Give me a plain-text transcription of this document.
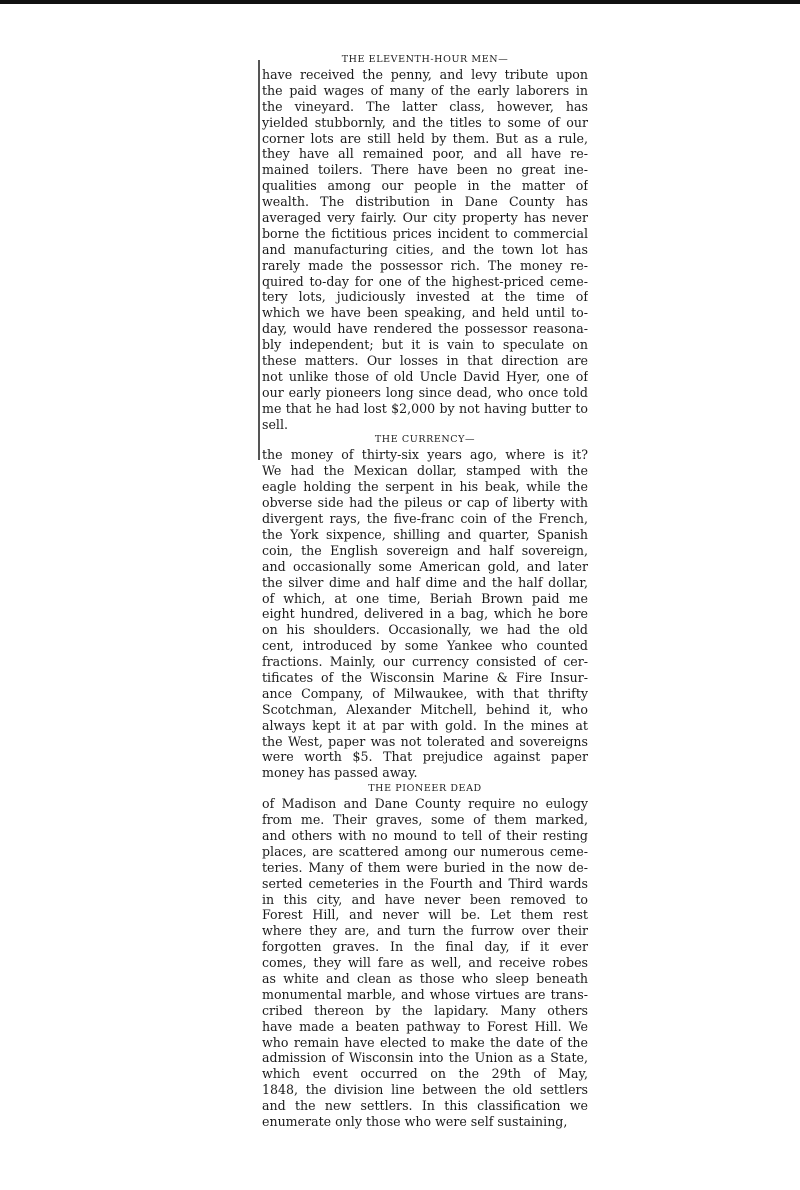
THE ELEVENTH-HOUR MEN—
have received the penny, and levy tribute upon
the paid wages of many of the early laborers in
the vineyard. The latter class, however, has
yielded stubbornly, and the titles to some of our
corner lots are still held by them. But as a rule,
they have all remained poor, and all have re-
mained toilers. There have been no great ine-
qualities among our people in the matter of
wealth. The distribution in Dane County has
averaged very fairly. Our city property has never
borne the fictitious prices incident to commercial
and manufacturing cities, and the town lot has
rarely made the possessor rich. The money re-
quired to-day for one of the highest-priced ceme-
tery lots, judiciously invested at the time of
which we have been speaking, and held until to-
day, would have rendered the possessor reasona-
bly independent; but it is vain to speculate on
these matters. Our losses in that direction are
not unlike those of old Uncle David Hyer, one of
our early pioneers long since dead, who once told
me that he had lost $2,000 by not having butter to
sell.
THE CURRENCY—
the money of thirty-six years ago, where is it?
We had the Mexican dollar, stamped with the
eagle holding the serpent in his beak, while the
obverse side had the pileus or cap of liberty with
divergent rays, the five-franc coin of the French,
the York sixpence, shilling and quarter, Spanish
coin, the English sovereign and half sovereign,
and occasionally some American gold, and later
the silver dime and half dime and the half dollar,
of which, at one time, Beriah Brown paid me
eight hundred, delivered in a bag, which he bore
on his shoulders. Occasionally, we had the old
cent, introduced by some Yankee who counted
fractions. Mainly, our currency consisted of cer-
tificates of the Wisconsin Marine & Fire Insur-
ance Company, of Milwaukee, with that thrifty
Scotchman, Alexander Mitchell, behind it, who
always kept it at par with gold. In the mines at
the West, paper was not tolerated and sovereigns
were worth $5. That prejudice against paper
money has passed away.
THE PIONEER DEAD
of Madison and Dane County require no eulogy
from me. Their graves, some of them marked,
and others with no mound to tell of their resting
places, are scattered among our numerous ceme-
teries. Many of them were buried in the now de-
serted cemeteries in the Fourth and Third wards
in this city, and have never been removed to
Forest Hill, and never will be. Let them rest
where they are, and turn the furrow over their
forgotten graves. In the final day, if it ever
comes, they will fare as well, and receive robes
as white and clean as those who sleep beneath
monumental marble, and whose virtues are trans-
cribed thereon by the lapidary. Many others
have made a beaten pathway to Forest Hill. We
who remain have elected to make the date of the
admission of Wisconsin into the Union as a State,
which event occurred on the 29th of May,
1848, the division line between the old settlers
and the new settlers. In this classification we
enumerate only those who were self sustaining,
